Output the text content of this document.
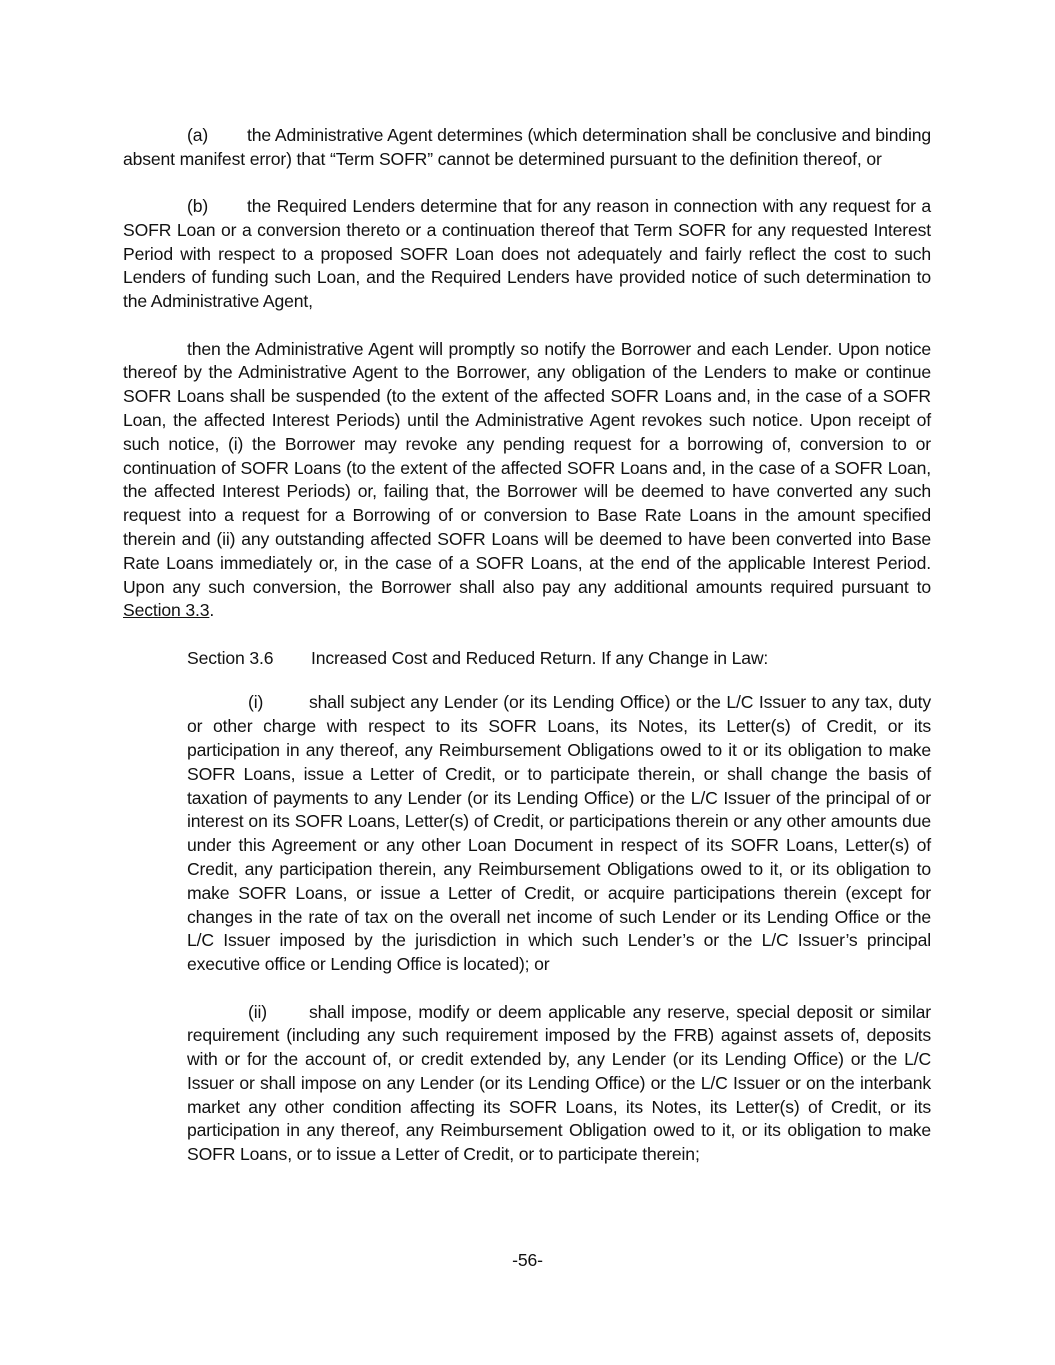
(a) the Administrative Agent determines (which determination shall be conclusive and binding absent manifest error) that “Term SOFR” cannot be determined pursuant to the definition thereof, or

(b) the Required Lenders determine that for any reason in connection with any request for a SOFR Loan or a conversion thereto or a continuation thereof that Term SOFR for any requested Interest Period with respect to a proposed SOFR Loan does not adequately and fairly reflect the cost to such Lenders of funding such Loan, and the Required Lenders have provided notice of such determination to the Administrative Agent,

then the Administrative Agent will promptly so notify the Borrower and each Lender. Upon notice thereof by the Administrative Agent to the Borrower, any obligation of the Lenders to make or continue SOFR Loans shall be suspended (to the extent of the affected SOFR Loans and, in the case of a SOFR Loan, the affected Interest Periods) until the Administrative Agent revokes such notice. Upon receipt of such notice, (i) the Borrower may revoke any pending request for a borrowing of, conversion to or continuation of SOFR Loans (to the extent of the affected SOFR Loans and, in the case of a SOFR Loan, the affected Interest Periods) or, failing that, the Borrower will be deemed to have converted any such request into a request for a Borrowing of or conversion to Base Rate Loans in the amount specified therein and (ii) any outstanding affected SOFR Loans will be deemed to have been converted into Base Rate Loans immediately or, in the case of a SOFR Loans, at the end of the applicable Interest Period. Upon any such conversion, the Borrower shall also pay any additional amounts required pursuant to Section 3.3.

Section 3.6 Increased Cost and Reduced Return. If any Change in Law:

(i)	shall subject any Lender (or its Lending Office) or the L/C Issuer to any tax, duty or other charge with respect to its SOFR Loans, its Notes, its Letter(s) of Credit, or its participation in any thereof, any Reimbursement Obligations owed to it or its obligation to make SOFR Loans, issue a Letter of Credit, or to participate therein, or shall change the basis of taxation of payments to any Lender (or its Lending Office) or the L/C Issuer of the principal of or interest on its SOFR Loans, Letter(s) of Credit, or participations therein or any other amounts due under this Agreement or any other Loan Document in respect of its SOFR Loans, Letter(s) of Credit, any participation therein, any Reimbursement Obligations owed to it, or its obligation to make SOFR Loans, or issue a Letter of Credit, or acquire participations therein (except for changes in the rate of tax on the overall net income of such Lender or its Lending Office or the L/C Issuer imposed by the jurisdiction in which such Lender’s or the L/C Issuer’s principal executive office or Lending Office is located); or

(ii) shall impose, modify or deem applicable any reserve, special deposit or similar requirement (including any such requirement imposed by the FRB) against assets of, deposits with or for the account of, or credit extended by, any Lender (or its Lending Office) or the L/C Issuer or shall impose on any Lender (or its Lending Office) or the L/C Issuer or on the interbank market any other condition affecting its SOFR Loans, its Notes, its Letter(s) of Credit, or its participation in any thereof, any Reimbursement Obligation owed to it, or its obligation to make SOFR Loans, or to issue a Letter of Credit, or to participate therein;

-56-
